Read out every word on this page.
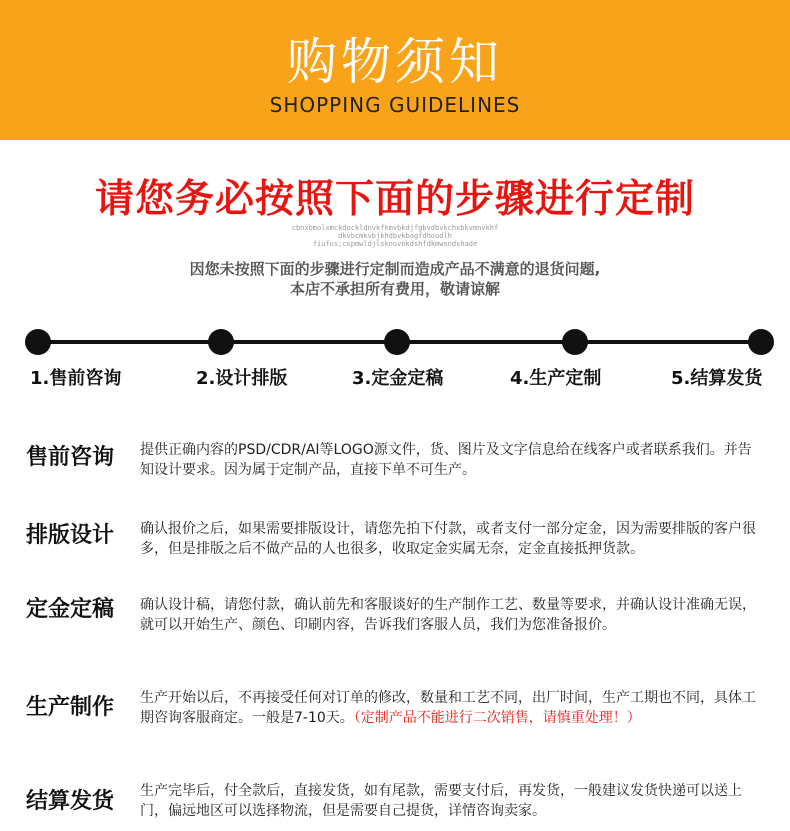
购物须知
SHOPPING GUIDELINES
请您务必按照下面的步骤进行定制
cbnxbmolxmckdockldnvkfkmvbkdjfgbvdbvkchxbkvmnvkhf
dkvbcmkvbjkhdbvkbagfdhoudlh
fiufus;cspmwldjlsknovnkdshfdkmwsndshade
因您未按照下面的步骤进行定制而造成产品不满意的退货问题,
本店不承担所有费用，敬请谅解
1.售前咨询	2.设计排版	3.定金定稿	4.生产定制	5.结算发货
售前咨询 提供正确内容的PSD/CDR/AI等LOGO源文件，货、图片及文字信息给在线客户或者联系我们。并告知设计要求。因为属于定制产品，直接下单不可生产。
排版设计 确认报价之后，如果需要排版设计，请您先拍下付款，或者支付一部分定金，因为需要排版的客户很多，但是排版之后不做产品的人也很多，收取定金实属无奈，定金直接抵押货款。
定金定稿 确认设计稿，请您付款，确认前先和客服谈好的生产制作工艺、数量等要求，并确认设计准确无误，就可以开始生产、颜色、印刷内容，告诉我们客服人员，我们为您准备报价。
生产制作 生产开始以后，不再接受任何对订单的修改，数量和工艺不同，出厂时间，生产工期也不同，具体工期咨询客服商定。一般是7-10天。（定制产品不能进行二次销售，请慎重处理！）
结算发货 生产完毕后，付全款后，直接发货，如有尾款，需要支付后，再发货，一般建议发货快递可以送上门，偏远地区可以选择物流，但是需要自己提货，详情咨询卖家。
